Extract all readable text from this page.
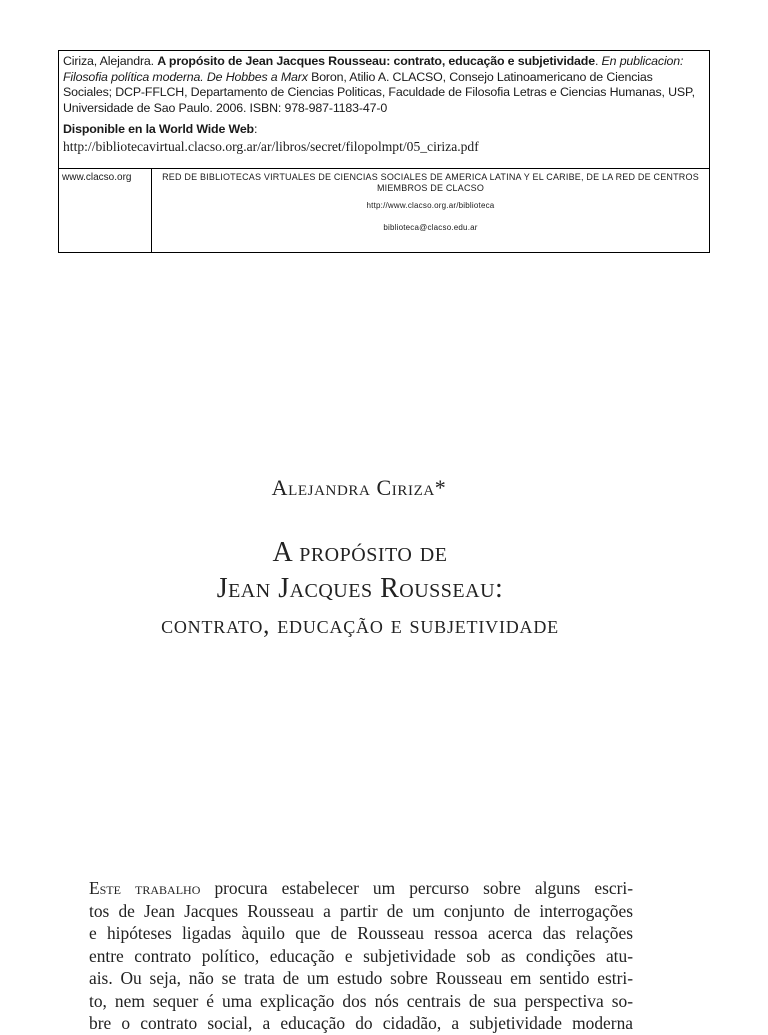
Ciriza, Alejandra. A propósito de Jean Jacques Rousseau: contrato, educação e subjetividade. En publicacion: Filosofia política moderna. De Hobbes a Marx Boron, Atilio A. CLACSO, Consejo Latinoamericano de Ciencias Sociales; DCP-FFLCH, Departamento de Ciencias Politicas, Faculdade de Filosofia Letras e Ciencias Humanas, USP, Universidade de Sao Paulo. 2006. ISBN: 978-987-1183-47-0
Disponible en la World Wide Web:
http://bibliotecavirtual.clacso.org.ar/ar/libros/secret/filopolmpt/05_ciriza.pdf
www.clacso.org	RED DE BIBLIOTECAS VIRTUALES DE CIENCIAS SOCIALES DE AMERICA LATINA Y EL CARIBE, DE LA RED DE CENTROS MIEMBROS DE CLACSO
http://www.clacso.org.ar/biblioteca
biblioteca@clacso.edu.ar
Alejandra Ciriza*
A propósito de
Jean Jacques Rousseau:
contrato, educação e subjetividade
Este trabalho procura estabelecer um percurso sobre alguns escri-
tos de Jean Jacques Rousseau a partir de um conjunto de interrogações
e hipóteses ligadas àquilo que de Rousseau ressoa acerca das relações
entre contrato político, educação e subjetividade sob as condições atu-
ais. Ou seja, não se trata de um estudo sobre Rousseau em sentido estri-
to, nem sequer é uma explicação dos nós centrais de sua perspectiva so-
bre o contrato social, a educação do cidadão, a subjetividade moderna
